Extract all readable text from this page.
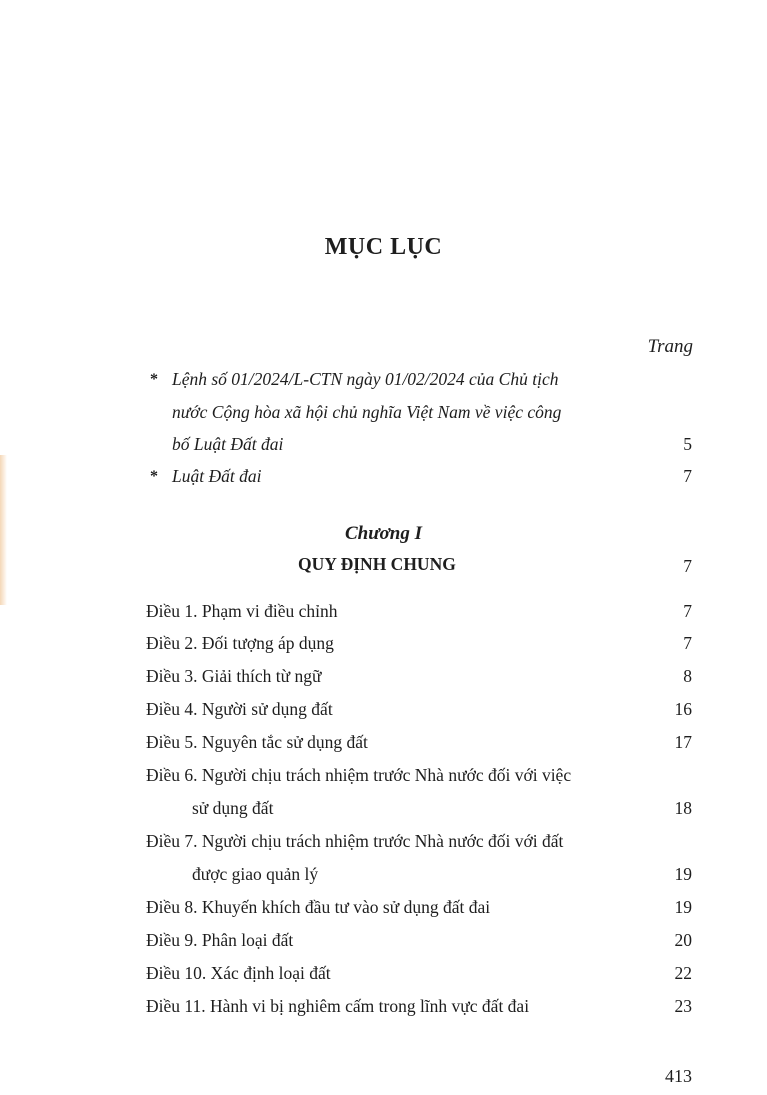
MỤC LỤC
Trang
* Lệnh số 01/2024/L-CTN ngày 01/02/2024 của Chủ tịch
nước Cộng hòa xã hội chủ nghĩa Việt Nam về việc công
bố Luật Đất đai	5
* Luật Đất đai	7
Chương I
QUY ĐỊNH CHUNG	7
Điều 1. Phạm vi điều chỉnh	7
Điều 2. Đối tượng áp dụng	7
Điều 3. Giải thích từ ngữ	8
Điều 4. Người sử dụng đất	16
Điều 5. Nguyên tắc sử dụng đất	17
Điều 6. Người chịu trách nhiệm trước Nhà nước đối với việc
sử dụng đất	18
Điều 7. Người chịu trách nhiệm trước Nhà nước đối với đất
được giao quản lý	19
Điều 8. Khuyến khích đầu tư vào sử dụng đất đai	19
Điều 9. Phân loại đất	20
Điều 10. Xác định loại đất	22
Điều 11. Hành vi bị nghiêm cấm trong lĩnh vực đất đai	23
413
